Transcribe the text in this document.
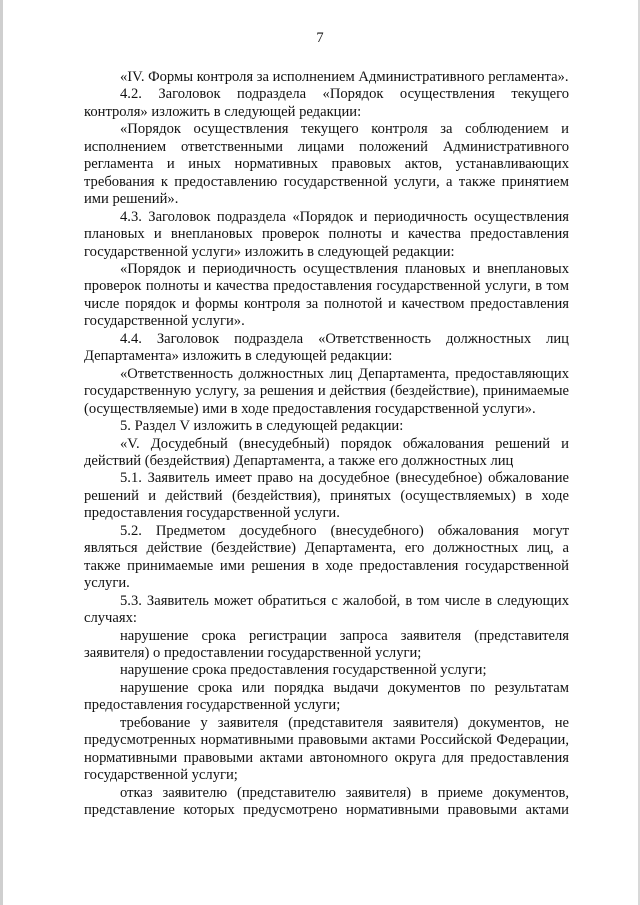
7

«IV. Формы контроля за исполнением Административного регламента».

4.2. Заголовок подраздела «Порядок осуществления текущего контроля» изложить в следующей редакции:

«Порядок осуществления текущего контроля за соблюдением и исполнением ответственными лицами положений Административного регламента и иных нормативных правовых актов, устанавливающих требования к предоставлению государственной услуги, а также принятием ими решений».

4.3. Заголовок подраздела «Порядок и периодичность осуществления плановых и внеплановых проверок полноты и качества предоставления государственной услуги» изложить в следующей редакции:

«Порядок и периодичность осуществления плановых и внеплановых проверок полноты и качества предоставления государственной услуги, в том числе порядок и формы контроля за полнотой и качеством предоставления государственной услуги».

4.4. Заголовок подраздела «Ответственность должностных лиц Департамента» изложить в следующей редакции:

«Ответственность должностных лиц Департамента, предоставляющих государственную услугу, за решения и действия (бездействие), принимаемые (осуществляемые) ими в ходе предоставления государственной услуги».

5. Раздел V изложить в следующей редакции:

«V. Досудебный (внесудебный) порядок обжалования решений и действий (бездействия) Департамента, а также его должностных лиц

5.1. Заявитель имеет право на досудебное (внесудебное) обжалование решений и действий (бездействия), принятых (осуществляемых) в ходе предоставления государственной услуги.

5.2. Предметом досудебного (внесудебного) обжалования могут являться действие (бездействие) Департамента, его должностных лиц, а также принимаемые ими решения в ходе предоставления государственной услуги.

5.3. Заявитель может обратиться с жалобой, в том числе в следующих случаях:

нарушение срока регистрации запроса заявителя (представителя заявителя) о предоставлении государственной услуги;

нарушение срока предоставления государственной услуги;

нарушение срока или порядка выдачи документов по результатам предоставления государственной услуги;

требование у заявителя (представителя заявителя) документов, не предусмотренных нормативными правовыми актами Российской Федерации, нормативными правовыми актами автономного округа для предоставления государственной услуги;

отказ заявителю (представителю заявителя) в приеме документов, представление которых предусмотрено нормативными правовыми актами
